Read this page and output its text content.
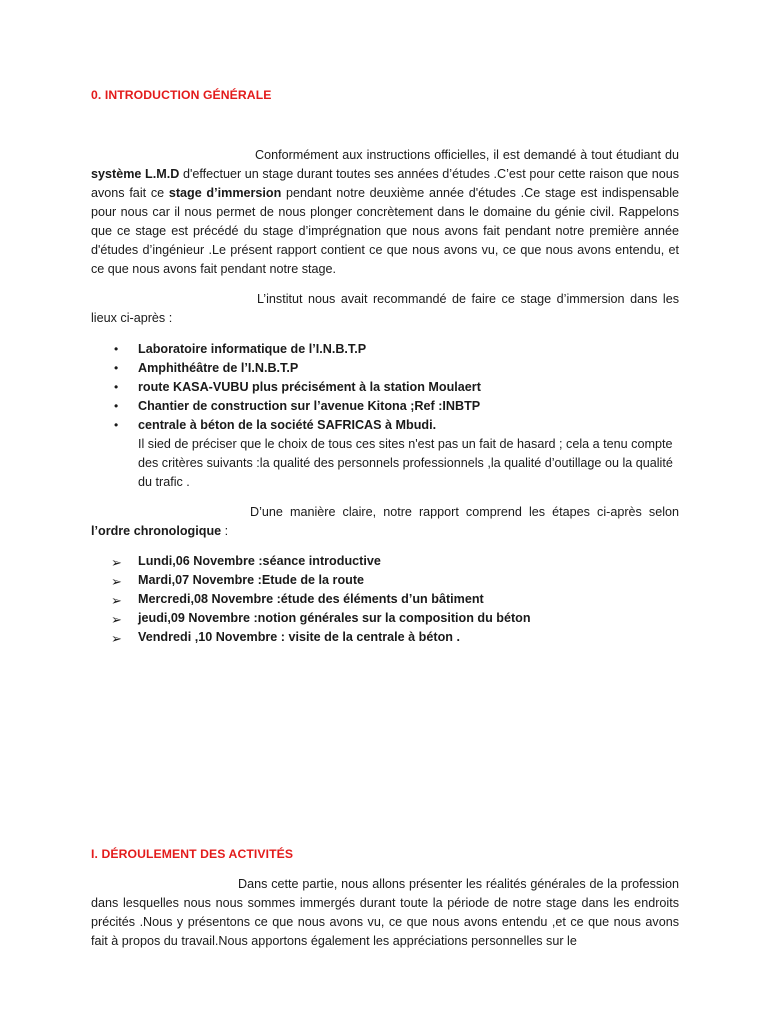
0. INTRODUCTION GÉNÉRALE

Conformément aux instructions officielles, il est demandé à tout étudiant du système L.M.D d'effectuer un stage durant toutes ses années d’études .C’est pour cette raison que nous avons fait ce stage d’immersion pendant notre deuxième année d'études .Ce stage est indispensable pour nous car il nous permet de nous plonger concrètement dans le domaine du génie civil. Rappelons que ce stage est précédé du stage d’imprégnation que nous avons fait pendant notre première année d'études d’ingénieur .Le présent rapport contient ce que nous avons vu, ce que nous avons entendu, et ce que nous avons fait pendant notre stage.

L’institut nous avait recommandé de faire ce stage d’immersion dans les lieux ci-après :

• Laboratoire informatique de l’I.N.B.T.P
• Amphithéâtre de l’I.N.B.T.P
• route KASA-VUBU plus précisément à la station Moulaert
• Chantier de construction sur l’avenue Kitona ;Ref :INBTP
• centrale à béton de la société SAFRICAS à Mbudi.
Il sied de préciser que le choix de tous ces sites n'est pas un fait de hasard ; cela a tenu compte des critères suivants :la qualité des personnels professionnels ,la qualité d’outillage ou la qualité du trafic .

D’une manière claire, notre rapport comprend les étapes ci-après selon l’ordre chronologique :

➢ Lundi,06 Novembre :séance introductive
➢ Mardi,07 Novembre :Etude de la route
➢ Mercredi,08 Novembre :étude des éléments d’un bâtiment
➢ jeudi,09 Novembre :notion générales sur la composition du béton
➢ Vendredi ,10 Novembre : visite de la centrale à béton .
I. DÉROULEMENT DES ACTIVITÉS

Dans cette partie, nous allons présenter les réalités générales de la profession dans lesquelles nous nous sommes immergés durant toute la période de notre stage dans les endroits précités .Nous y présentons ce que nous avons vu, ce que nous avons entendu ,et ce que nous avons fait à propos du travail.Nous apportons également les appréciations personnelles sur le
